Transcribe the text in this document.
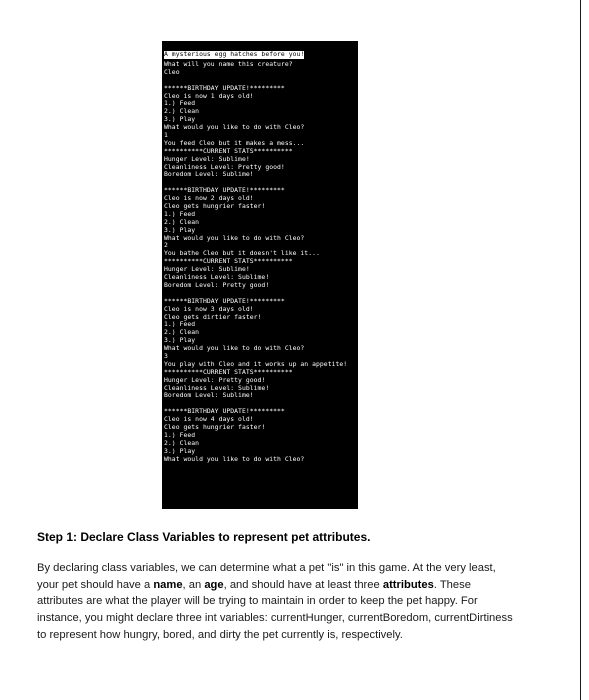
A mysterious egg hatches before you!
What will you name this creature?
Cleo
******BIRTHDAY UPDATE!*********
Cleo is now 1 days old!
1.) Feed
2.) Clean
3.) Play
What would you like to do with Cleo?
1
You feed Cleo but it makes a mess...
**********CURRENT STATS**********
Hunger Level: Sublime!
Cleanliness Level: Pretty good!
Boredom Level: Sublime!
******BIRTHDAY UPDATE!*********
Cleo is now 2 days old!
Cleo gets hungrier faster!
1.) Feed
2.) Clean
3.) Play
What would you like to do with Cleo?
2
You bathe Cleo but it doesn't like it...
**********CURRENT STATS**********
Hunger Level: Sublime!
Cleanliness Level: Sublime!
Boredom Level: Pretty good!
******BIRTHDAY UPDATE!*********
Cleo is now 3 days old!
Cleo gets dirtier faster!
1.) Feed
2.) Clean
3.) Play
What would you like to do with Cleo?
3
You play with Cleo and it works up an appetite!
**********CURRENT STATS**********
Hunger Level: Pretty good!
Cleanliness Level: Sublime!
Boredom Level: Sublime!
******BIRTHDAY UPDATE!*********
Cleo is now 4 days old!
Cleo gets hungrier faster!
1.) Feed
2.) Clean
3.) Play
What would you like to do with Cleo?
Step 1: Declare Class Variables to represent pet attributes.

By declaring class variables, we can determine what a pet "is" in this game. At the very least, your pet should have a name, an age, and should have at least three attributes. These attributes are what the player will be trying to maintain in order to keep the pet happy. For instance, you might declare three int variables: currentHunger, currentBoredom, currentDirtiness to represent how hungry, bored, and dirty the pet currently is, respectively.
